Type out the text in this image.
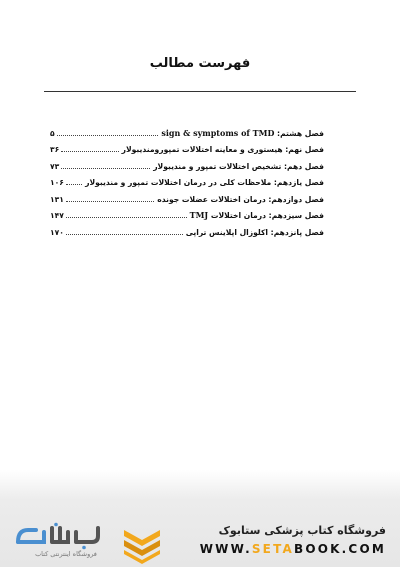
فهرست مطالب
فصل هشتم: sign & symptoms of TMD
۵
فصل نهم: هیستوری و معاینه اختلالات تمپورومندیبولار
۳۶
فصل دهم: تشخیص اختلالات تمپور و مندیبولار
۷۳
فصل یازدهم: ملاحظات کلی در درمان اختلالات تمپور و مندیبولار
۱۰۶
فصل دوازدهم: درمان اختلالات عضلات جونده
۱۳۱
فصل سیزدهم: درمان اختلالات TMJ
۱۴۷
فصل پانزدهم: اکلوزال اپلاینس تراپی
۱۷۰
فروشگاه اینترنتی کتاب
فروشگاه کتاب پزشکی ستابوک
WWW.SETABOOK.COM
